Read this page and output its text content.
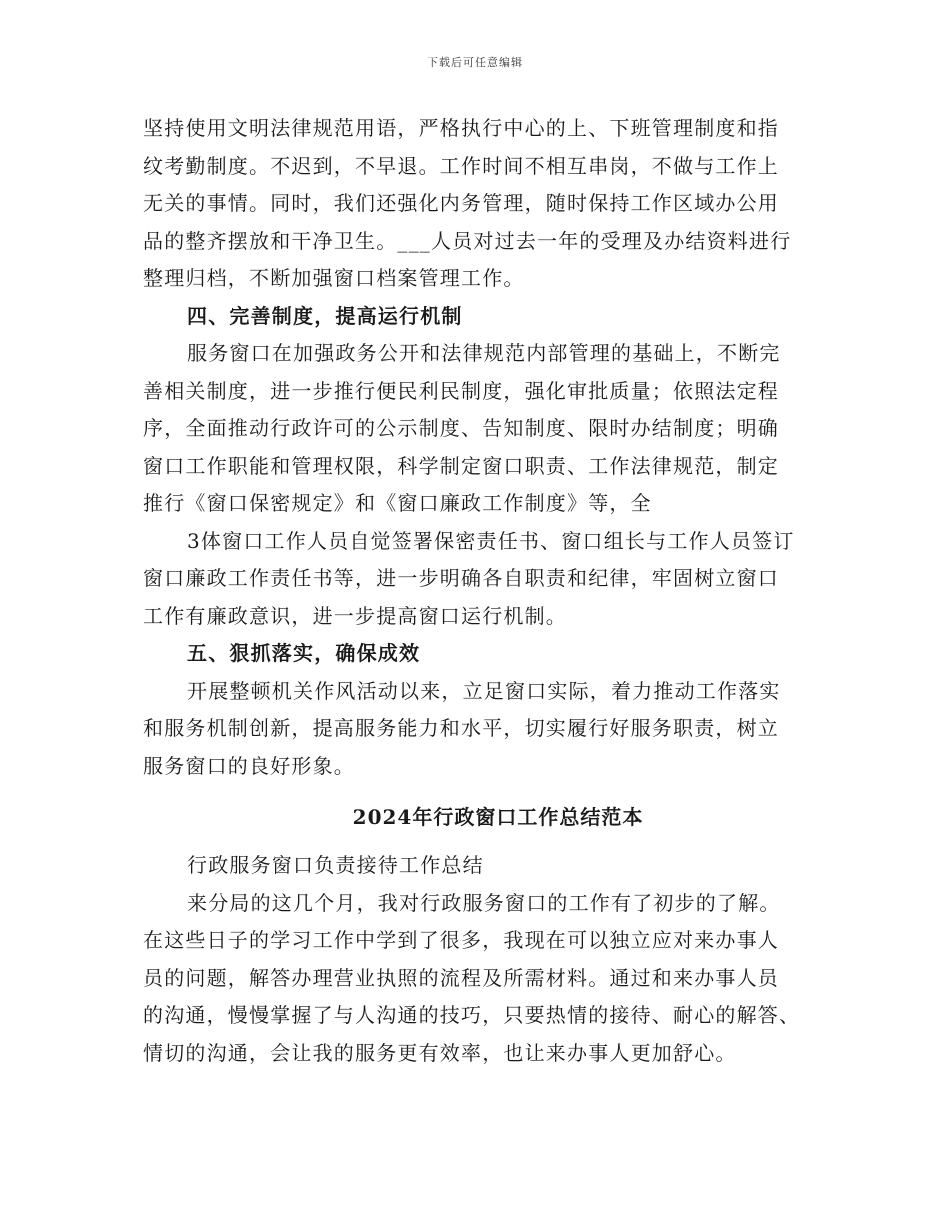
下载后可任意编辑
坚持使用文明法律规范用语，严格执行中心的上、下班管理制度和指
纹考勤制度。不迟到，不早退。工作时间不相互串岗，不做与工作上
无关的事情。同时，我们还强化内务管理，随时保持工作区域办公用
品的整齐摆放和干净卫生。___人员对过去一年的受理及办结资料进行
整理归档，不断加强窗口档案管理工作。
四、完善制度，提高运行机制
服务窗口在加强政务公开和法律规范内部管理的基础上，不断完
善相关制度，进一步推行便民利民制度，强化审批质量；依照法定程
序，全面推动行政许可的公示制度、告知制度、限时办结制度；明确
窗口工作职能和管理权限，科学制定窗口职责、工作法律规范，制定
推行《窗口保密规定》和《窗口廉政工作制度》等，全
3体窗口工作人员自觉签署保密责任书、窗口组长与工作人员签订
窗口廉政工作责任书等，进一步明确各自职责和纪律，牢固树立窗口
工作有廉政意识，进一步提高窗口运行机制。
五、狠抓落实，确保成效
开展整顿机关作风活动以来，立足窗口实际，着力推动工作落实
和服务机制创新，提高服务能力和水平，切实履行好服务职责，树立
服务窗口的良好形象。
2024年行政窗口工作总结范本
行政服务窗口负责接待工作总结
来分局的这几个月，我对行政服务窗口的工作有了初步的了解。
在这些日子的学习工作中学到了很多，我现在可以独立应对来办事人
员的问题，解答办理营业执照的流程及所需材料。通过和来办事人员
的沟通，慢慢掌握了与人沟通的技巧，只要热情的接待、耐心的解答、
情切的沟通，会让我的服务更有效率，也让来办事人更加舒心。
